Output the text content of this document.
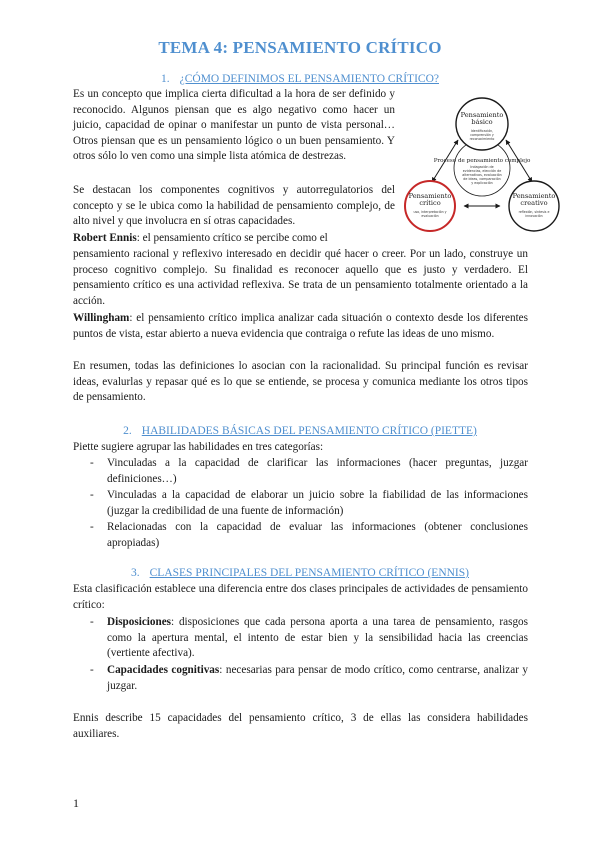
TEMA 4: PENSAMIENTO CRÍTICO
1. ¿CÓMO DEFINIMOS EL PENSAMIENTO CRÍTICO?

Es un concepto que implica cierta dificultad a la hora de ser definido y reconocido. Algunos piensan que es algo negativo como hacer un juicio, capacidad de opinar o manifestar un punto de vista personal… Otros piensan que es un pensamiento lógico o un buen pensamiento. Y otros sólo lo ven como una simple lista atómica de destrezas.

Se destacan los componentes cognitivos y autorregulatorios del concepto y se le ubica como la habilidad de pensamiento complejo, de alto nivel y que involucra en sí otras capacidades.

Robert Ennis: el pensamiento crítico se percibe como el

pensamiento racional y reflexivo interesado en decidir qué hacer o creer. Por un lado, construye un proceso cognitivo complejo. Su finalidad es reconocer aquello que es justo y verdadero. El pensamiento crítico es una actividad reflexiva. Se trata de un pensamiento totalmente orientado a la acción.

Willingham: el pensamiento crítico implica analizar cada situación o contexto desde los diferentes puntos de vista, estar abierto a nueva evidencia que contraiga o refute las ideas de uno mismo.

En resumen, todas las definiciones lo asocian con la racionalidad. Su principal función es revisar ideas, evalurlas y repasar qué es lo que se entiende, se procesa y comunica mediante los otros tipos de pensamiento.

Proceso de pensamiento complejo
Indagación de evidencias, elección de alternativas, evaluación de ideas, comparación y explicación
Pensamiento básico
Identificación, comprensión y reconocimiento
Pensamiento crítico
uso, interpretación y evaluación
Pensamiento creativo
reflexión, síntesis e innovación
2. HABILIDADES BÁSICAS DEL PENSAMIENTO CRÍTICO (PIETTE)

Piette sugiere agrupar las habilidades en tres categorías:

- Vinculadas a la capacidad de clarificar las informaciones (hacer preguntas, juzgar definiciones…)
- Vinculadas a la capacidad de elaborar un juicio sobre la fiabilidad de las informaciones (juzgar la credibilidad de una fuente de información)
- Relacionadas con la capacidad de evaluar las informaciones (obtener conclusiones apropiadas)
3. CLASES PRINCIPALES DEL PENSAMIENTO CRÍTICO (ENNIS)

Esta clasificación establece una diferencia entre dos clases principales de actividades de pensamiento crítico:

- Disposiciones: disposiciones que cada persona aporta a una tarea de pensamiento, rasgos como la apertura mental, el intento de estar bien y la sensibilidad hacia las creencias (vertiente afectiva).
- Capacidades cognitivas: necesarias para pensar de modo crítico, como centrarse, analizar y juzgar.

Ennis describe 15 capacidades del pensamiento crítico, 3 de ellas las considera habilidades auxiliares.

1
